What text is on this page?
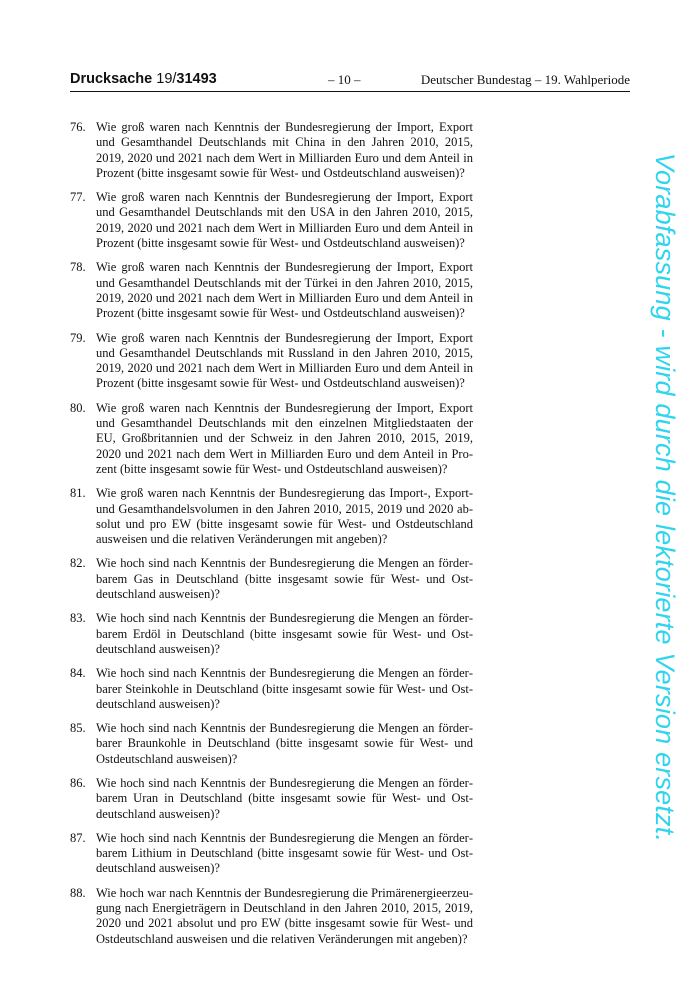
Drucksache 19/31493	– 10 –	Deutscher Bundestag – 19. Wahlperiode
76. Wie groß waren nach Kenntnis der Bundesregierung der Import, Export und Gesamthandel Deutschlands mit China in den Jahren 2010, 2015, 2019, 2020 und 2021 nach dem Wert in Milliarden Euro und dem Anteil in Prozent (bitte insgesamt sowie für West- und Ostdeutschland ausweisen)?
77. Wie groß waren nach Kenntnis der Bundesregierung der Import, Export und Gesamthandel Deutschlands mit den USA in den Jahren 2010, 2015, 2019, 2020 und 2021 nach dem Wert in Milliarden Euro und dem Anteil in Prozent (bitte insgesamt sowie für West- und Ostdeutschland ausweisen)?
78. Wie groß waren nach Kenntnis der Bundesregierung der Import, Export und Gesamthandel Deutschlands mit der Türkei in den Jahren 2010, 2015, 2019, 2020 und 2021 nach dem Wert in Milliarden Euro und dem Anteil in Prozent (bitte insgesamt sowie für West- und Ostdeutschland ausweisen)?
79. Wie groß waren nach Kenntnis der Bundesregierung der Import, Export und Gesamthandel Deutschlands mit Russland in den Jahren 2010, 2015, 2019, 2020 und 2021 nach dem Wert in Milliarden Euro und dem Anteil in Prozent (bitte insgesamt sowie für West- und Ostdeutschland ausweisen)?
80. Wie groß waren nach Kenntnis der Bundesregierung der Import, Export und Gesamthandel Deutschlands mit den einzelnen Mitgliedstaaten der EU, Großbritannien und der Schweiz in den Jahren 2010, 2015, 2019, 2020 und 2021 nach dem Wert in Milliarden Euro und dem Anteil in Prozent (bitte insgesamt sowie für West- und Ostdeutschland ausweisen)?
81. Wie groß waren nach Kenntnis der Bundesregierung das Import-, Export- und Gesamthandelsvolumen in den Jahren 2010, 2015, 2019 und 2020 absolut und pro EW (bitte insgesamt sowie für West- und Ostdeutschland ausweisen und die relativen Veränderungen mit angeben)?
82. Wie hoch sind nach Kenntnis der Bundesregierung die Mengen an förderbarem Gas in Deutschland (bitte insgesamt sowie für West- und Ostdeutschland ausweisen)?
83. Wie hoch sind nach Kenntnis der Bundesregierung die Mengen an förderbarem Erdöl in Deutschland (bitte insgesamt sowie für West- und Ostdeutschland ausweisen)?
84. Wie hoch sind nach Kenntnis der Bundesregierung die Mengen an förderbarer Steinkohle in Deutschland (bitte insgesamt sowie für West- und Ostdeutschland ausweisen)?
85. Wie hoch sind nach Kenntnis der Bundesregierung die Mengen an förderbarer Braunkohle in Deutschland (bitte insgesamt sowie für West- und Ostdeutschland ausweisen)?
86. Wie hoch sind nach Kenntnis der Bundesregierung die Mengen an förderbarem Uran in Deutschland (bitte insgesamt sowie für West- und Ostdeutschland ausweisen)?
87. Wie hoch sind nach Kenntnis der Bundesregierung die Mengen an förderbarem Lithium in Deutschland (bitte insgesamt sowie für West- und Ostdeutschland ausweisen)?
88. Wie hoch war nach Kenntnis der Bundesregierung die Primärenergieerzeugung nach Energieträgern in Deutschland in den Jahren 2010, 2015, 2019, 2020 und 2021 absolut und pro EW (bitte insgesamt sowie für West- und Ostdeutschland ausweisen und die relativen Veränderungen mit angeben)?
Vorabfassung - wird durch die lektorierte Version ersetzt.
